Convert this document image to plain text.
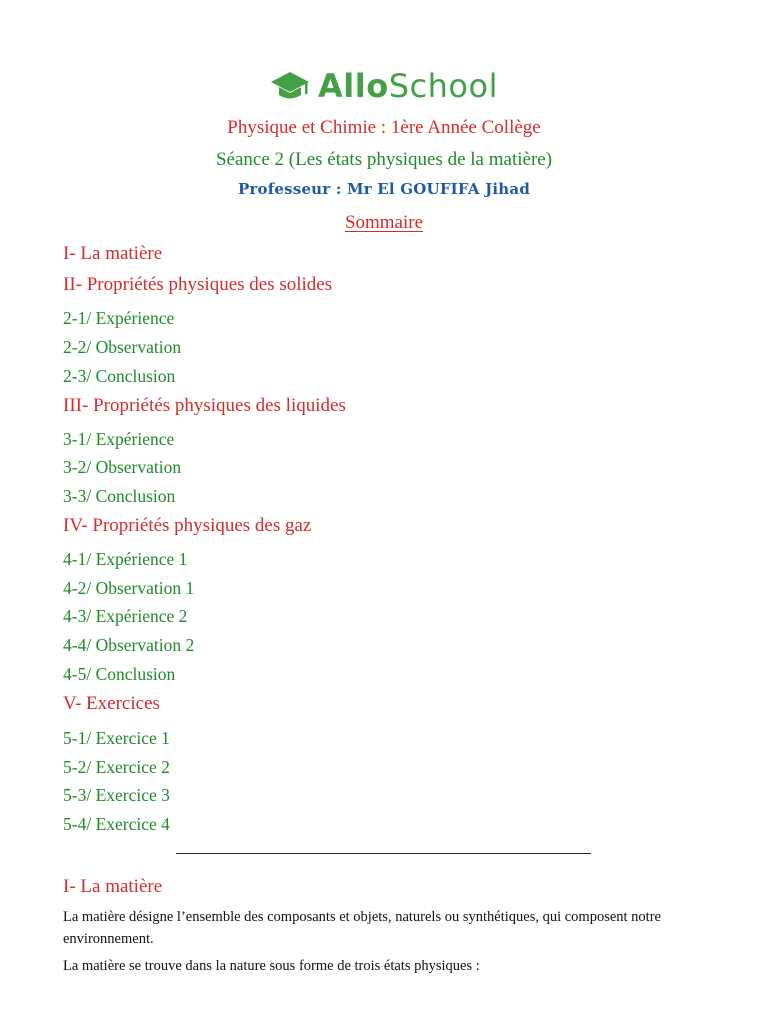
AlloSchool
Physique et Chimie : 1ère Année Collège
Séance 2 (Les états physiques de la matière)
Professeur : Mr El GOUFIFA Jihad
Sommaire
I- La matière
II- Propriétés physiques des solides
2-1/ Expérience
2-2/ Observation
2-3/ Conclusion
III- Propriétés physiques des liquides
3-1/ Expérience
3-2/ Observation
3-3/ Conclusion
IV- Propriétés physiques des gaz
4-1/ Expérience 1
4-2/ Observation 1
4-3/ Expérience 2
4-4/ Observation 2
4-5/ Conclusion
V- Exercices
5-1/ Exercice 1
5-2/ Exercice 2
5-3/ Exercice 3
5-4/ Exercice 4
I- La matière
La matière désigne l’ensemble des composants et objets, naturels ou synthétiques, qui composent notre environnement.
La matière se trouve dans la nature sous forme de trois états physiques :
